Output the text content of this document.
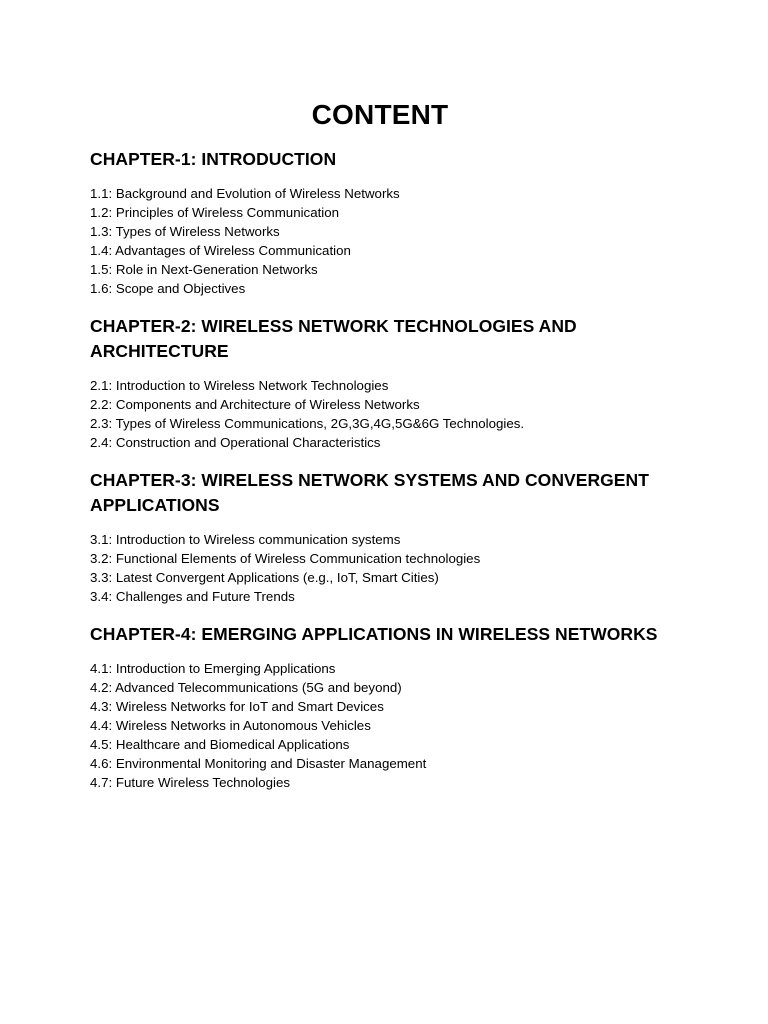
CONTENT
CHAPTER-1: INTRODUCTION
1.1: Background and Evolution of Wireless Networks
1.2: Principles of Wireless Communication
1.3: Types of Wireless Networks
1.4: Advantages of Wireless Communication
1.5: Role in Next-Generation Networks
1.6: Scope and Objectives
CHAPTER-2: WIRELESS NETWORK TECHNOLOGIES AND ARCHITECTURE
2.1: Introduction to Wireless Network Technologies
2.2: Components and Architecture of Wireless Networks
2.3: Types of Wireless Communications, 2G,3G,4G,5G&6G Technologies.
2.4: Construction and Operational Characteristics
CHAPTER-3: WIRELESS NETWORK SYSTEMS AND CONVERGENT APPLICATIONS
3.1: Introduction to Wireless communication systems
3.2: Functional Elements of Wireless Communication technologies
3.3: Latest Convergent Applications (e.g., IoT, Smart Cities)
3.4: Challenges and Future Trends
CHAPTER-4: EMERGING APPLICATIONS IN WIRELESS NETWORKS
4.1: Introduction to Emerging Applications
4.2: Advanced Telecommunications (5G and beyond)
4.3: Wireless Networks for IoT and Smart Devices
4.4: Wireless Networks in Autonomous Vehicles
4.5: Healthcare and Biomedical Applications
4.6: Environmental Monitoring and Disaster Management
4.7: Future Wireless Technologies
